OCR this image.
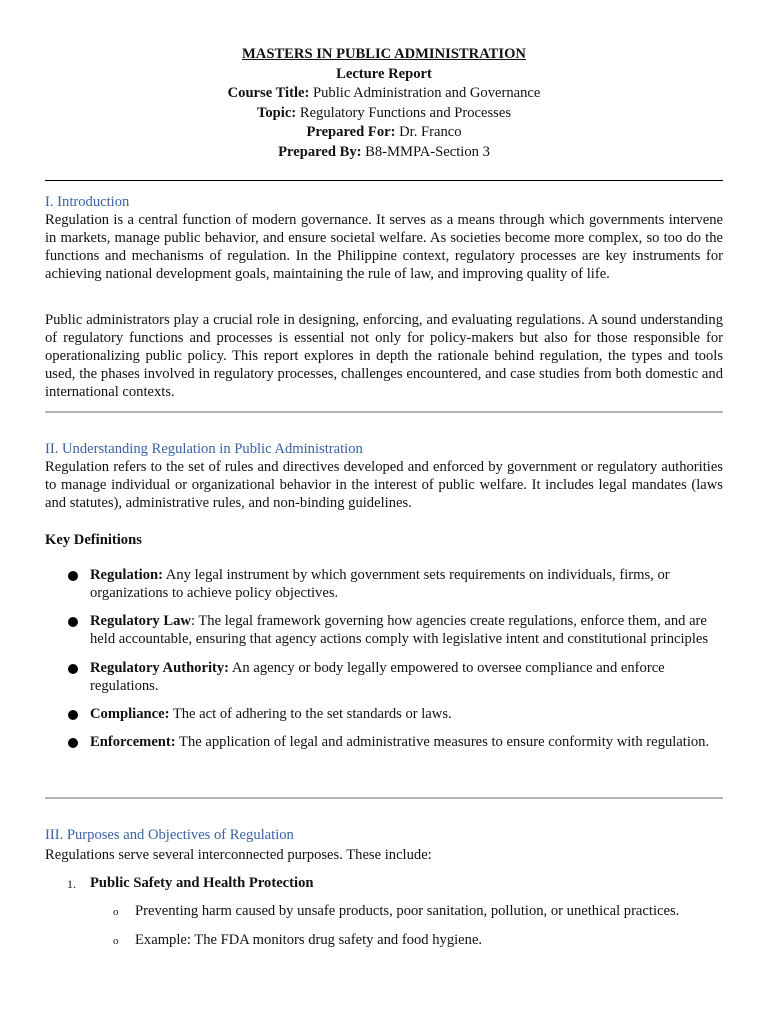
MASTERS IN PUBLIC ADMINISTRATION
Lecture Report
Course Title: Public Administration and Governance
Topic: Regulatory Functions and Processes
Prepared For: Dr. Franco
Prepared By: B8-MMPA-Section 3
I. Introduction

Regulation is a central function of modern governance. It serves as a means through which governments intervene in markets, manage public behavior, and ensure societal welfare. As societies become more complex, so too do the functions and mechanisms of regulation. In the Philippine context, regulatory processes are key instruments for achieving national development goals, maintaining the rule of law, and improving quality of life.

Public administrators play a crucial role in designing, enforcing, and evaluating regulations. A sound understanding of regulatory functions and processes is essential not only for policy-makers but also for those responsible for operationalizing public policy. This report explores in depth the rationale behind regulation, the types and tools used, the phases involved in regulatory processes, challenges encountered, and case studies from both domestic and international contexts.

II. Understanding Regulation in Public Administration

Regulation refers to the set of rules and directives developed and enforced by government or regulatory authorities to manage individual or organizational behavior in the interest of public welfare. It includes legal mandates (laws and statutes), administrative rules, and non-binding guidelines.

Key Definitions
Regulation: Any legal instrument by which government sets requirements on individuals, firms, or organizations to achieve policy objectives.
Regulatory Law: The legal framework governing how agencies create regulations, enforce them, and are held accountable, ensuring that agency actions comply with legislative intent and constitutional principles
Regulatory Authority: An agency or body legally empowered to oversee compliance and enforce regulations.
Compliance: The act of adhering to the set standards or laws.
Enforcement: The application of legal and administrative measures to ensure conformity with regulation.
III. Purposes and Objectives of Regulation
Regulations serve several interconnected purposes. These include:
1. Public Safety and Health Protection
o Preventing harm caused by unsafe products, poor sanitation, pollution, or unethical practices.
o Example: The FDA monitors drug safety and food hygiene.
